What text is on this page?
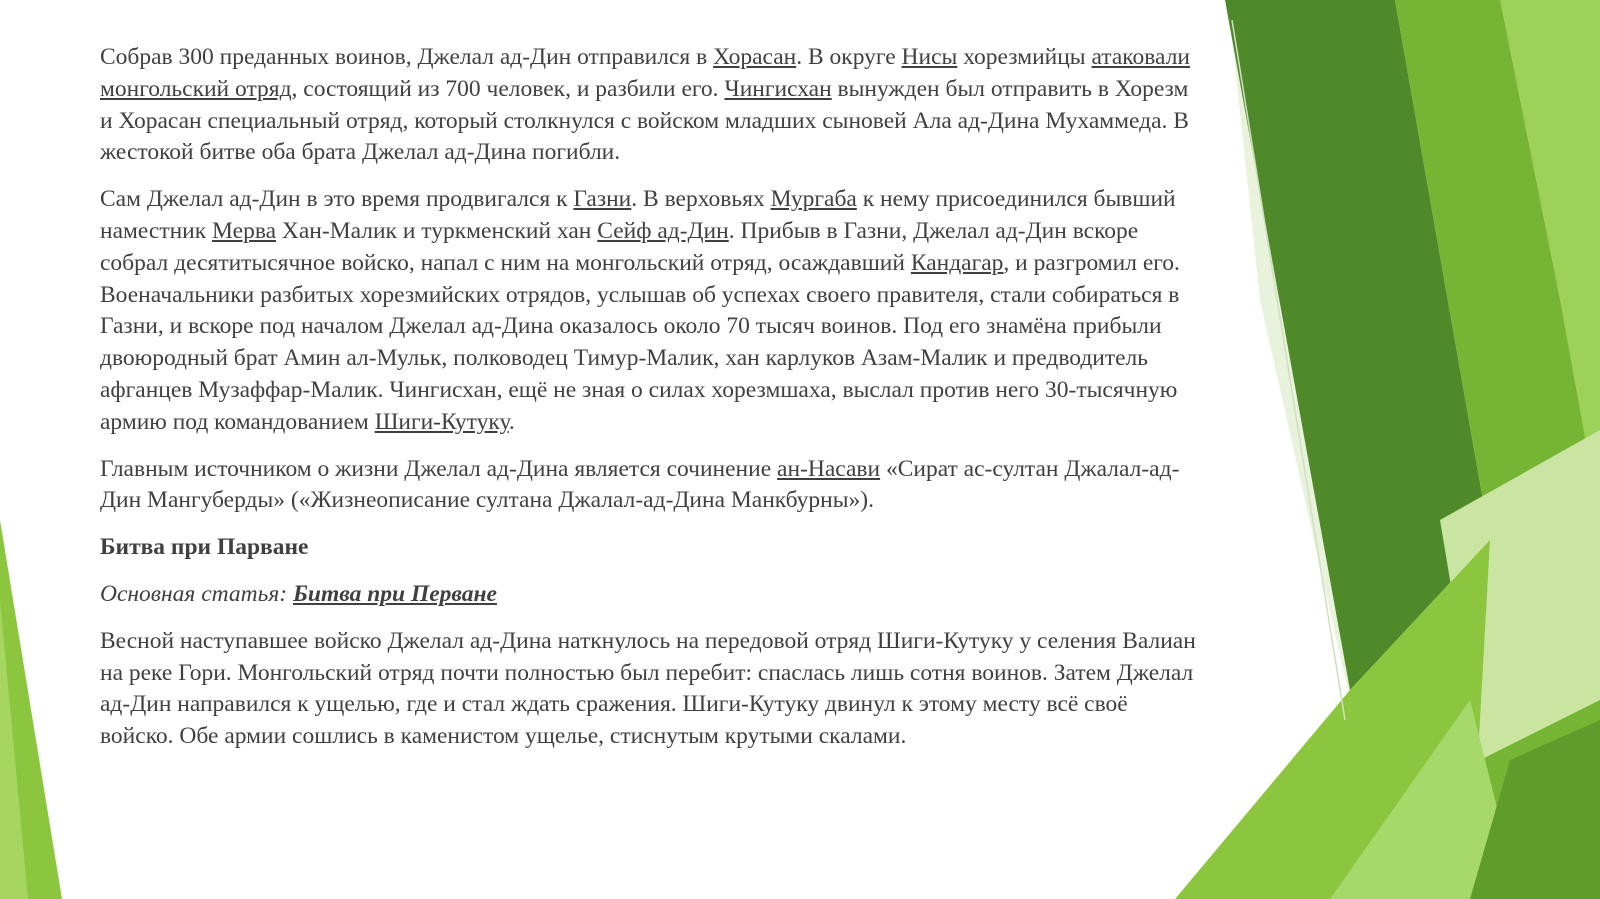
Собрав 300 преданных воинов, Джелал ад-Дин отправился в Хорасан. В округе Нисы хорезмийцы атаковали монгольский отряд, состоящий из 700 человек, и разбили его. Чингисхан вынужден был отправить в Хорезм и Хорасан специальный отряд, который столкнулся с войском младших сыновей Ала ад-Дина Мухаммеда. В жестокой битве оба брата Джелал ад-Дина погибли.

Сам Джелал ад-Дин в это время продвигался к Газни. В верховьях Мургаба к нему присоединился бывший наместник Мерва Хан-Малик и туркменский хан Сейф ад-Дин. Прибыв в Газни, Джелал ад-Дин вскоре собрал десятитысячное войско, напал с ним на монгольский отряд, осаждавший Кандагар, и разгромил его. Военачальники разбитых хорезмийских отрядов, услышав об успехах своего правителя, стали собираться в Газни, и вскоре под началом Джелал ад-Дина оказалось около 70 тысяч воинов. Под его знамёна прибыли двоюродный брат Амин ал-Мульк, полководец Тимур-Малик, хан карлуков Азам-Малик и предводитель афганцев Музаффар-Малик. Чингисхан, ещё не зная о силах хорезмшаха, выслал против него 30-тысячную армию под командованием Шиги-Кутуку.

Главным источником о жизни Джелал ад-Дина является сочинение ан-Насави «Сират ас-султан Джалал-ад-Дин Мангуберды» («Жизнеописание султана Джалал-ад-Дина Манкбурны»).

Битва при Парване

Основная статья: Битва при Перване

Весной наступавшее войско Джелал ад-Дина наткнулось на передовой отряд Шиги-Кутуку у селения Валиан на реке Гори. Монгольский отряд почти полностью был перебит: спаслась лишь сотня воинов. Затем Джелал ад-Дин направился к ущелью, где и стал ждать сражения. Шиги-Кутуку двинул к этому месту всё своё войско. Обе армии сошлись в каменистом ущелье, стиснутым крутыми скалами.
